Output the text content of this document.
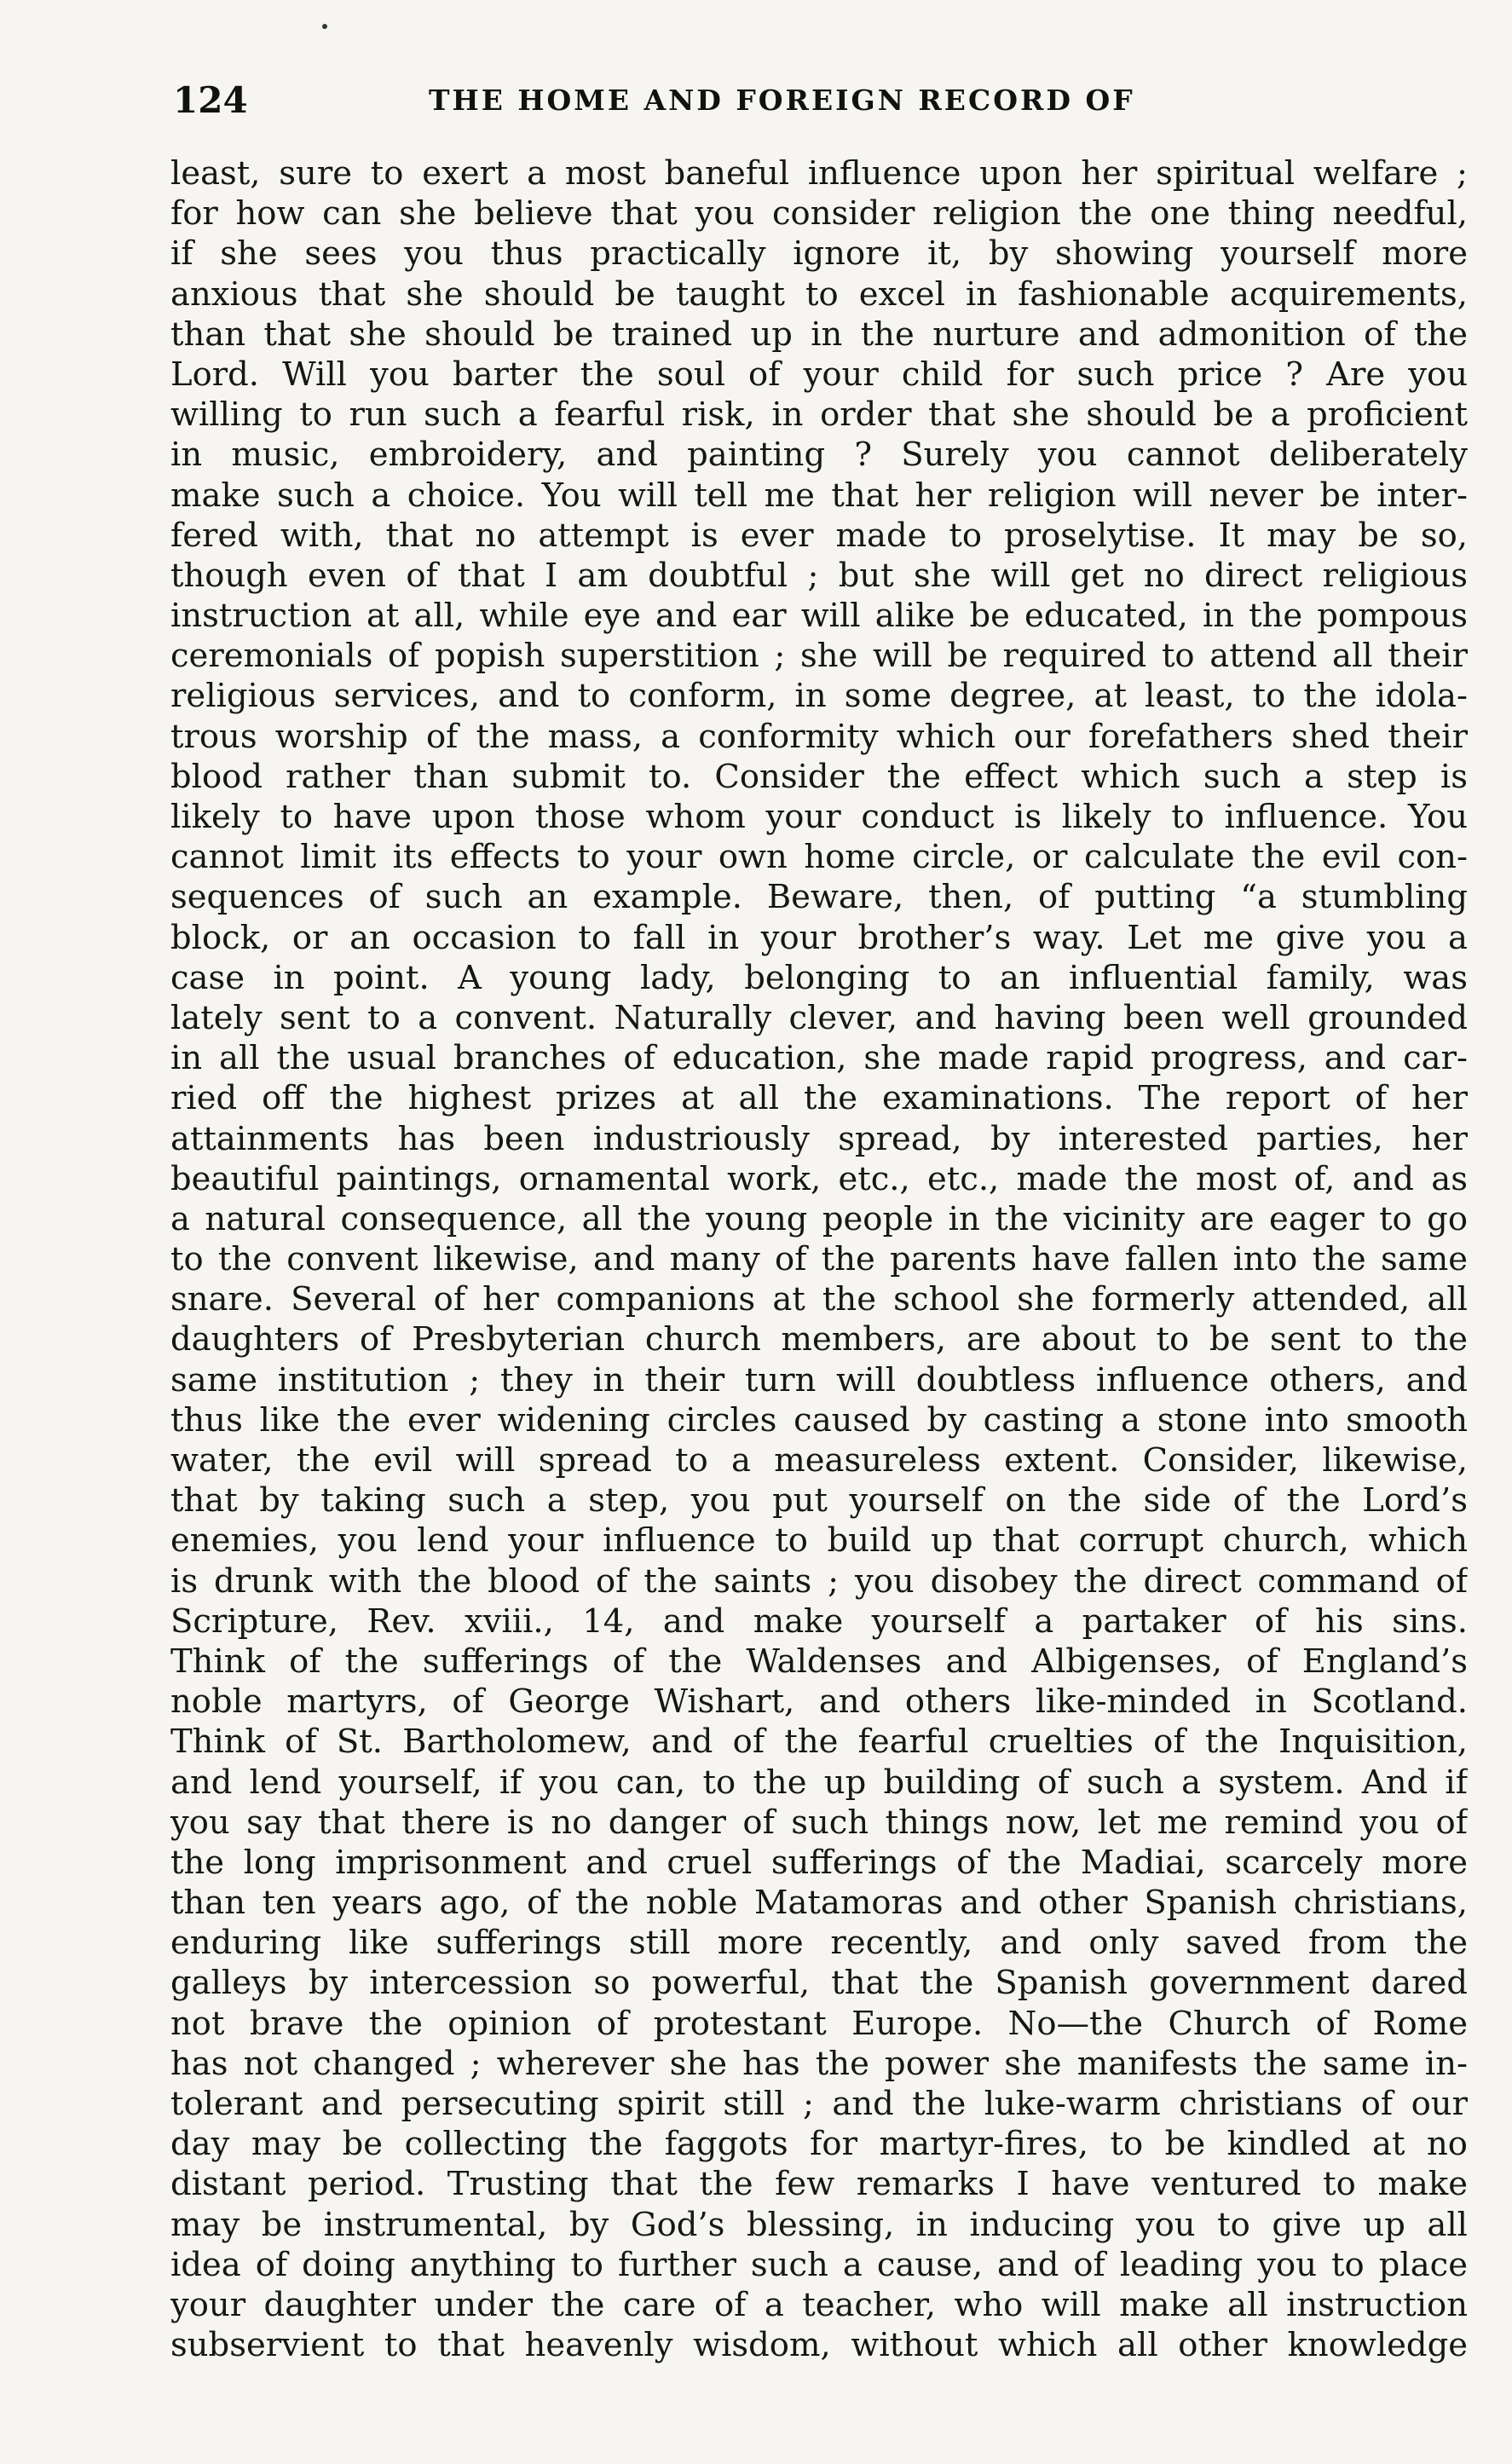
124	THE HOME AND FOREIGN RECORD OF
least, sure to exert a most baneful influence upon her spiritual welfare ;
for how can she believe that you consider religion the one thing needful,
if she sees you thus practically ignore it, by showing yourself more
anxious that she should be taught to excel in fashionable acquirements,
than that she should be trained up in the nurture and admonition of the
Lord. Will you barter the soul of your child for such price ? Are you
willing to run such a fearful risk, in order that she should be a proficient
in music, embroidery, and painting ? Surely you cannot deliberately
make such a choice. You will tell me that her religion will never be inter-
fered with, that no attempt is ever made to proselytise. It may be so,
though even of that I am doubtful ; but she will get no direct religious
instruction at all, while eye and ear will alike be educated, in the pompous
ceremonials of popish superstition ; she will be required to attend all their
religious services, and to conform, in some degree, at least, to the idola-
trous worship of the mass, a conformity which our forefathers shed their
blood rather than submit to. Consider the effect which such a step is
likely to have upon those whom your conduct is likely to influence. You
cannot limit its effects to your own home circle, or calculate the evil con-
sequences of such an example. Beware, then, of putting “a stumbling
block, or an occasion to fall in your brother’s way. Let me give you a
case in point. A young lady, belonging to an influential family, was
lately sent to a convent. Naturally clever, and having been well grounded
in all the usual branches of education, she made rapid progress, and car-
ried off the highest prizes at all the examinations. The report of her
attainments has been industriously spread, by interested parties, her
beautiful paintings, ornamental work, etc., etc., made the most of, and as
a natural consequence, all the young people in the vicinity are eager to go
to the convent likewise, and many of the parents have fallen into the same
snare. Several of her companions at the school she formerly attended, all
daughters of Presbyterian church members, are about to be sent to the
same institution ; they in their turn will doubtless influence others, and
thus like the ever widening circles caused by casting a stone into smooth
water, the evil will spread to a measureless extent. Consider, likewise,
that by taking such a step, you put yourself on the side of the Lord’s
enemies, you lend your influence to build up that corrupt church, which
is drunk with the blood of the saints ; you disobey the direct command of
Scripture, Rev. xviii., 14, and make yourself a partaker of his sins.
Think of the sufferings of the Waldenses and Albigenses, of England’s
noble martyrs, of George Wishart, and others like-minded in Scotland.
Think of St. Bartholomew, and of the fearful cruelties of the Inquisition,
and lend yourself, if you can, to the up building of such a system. And if
you say that there is no danger of such things now, let me remind you of
the long imprisonment and cruel sufferings of the Madiai, scarcely more
than ten years ago, of the noble Matamoras and other Spanish christians,
enduring like sufferings still more recently, and only saved from the
galleys by intercession so powerful, that the Spanish government dared
not brave the opinion of protestant Europe. No—the Church of Rome
has not changed ; wherever she has the power she manifests the same in-
tolerant and persecuting spirit still ; and the luke-warm christians of our
day may be collecting the faggots for martyr-fires, to be kindled at no
distant period. Trusting that the few remarks I have ventured to make
may be instrumental, by God’s blessing, in inducing you to give up all
idea of doing anything to further such a cause, and of leading you to place
your daughter under the care of a teacher, who will make all instruction
subservient to that heavenly wisdom, without which all other knowledge
